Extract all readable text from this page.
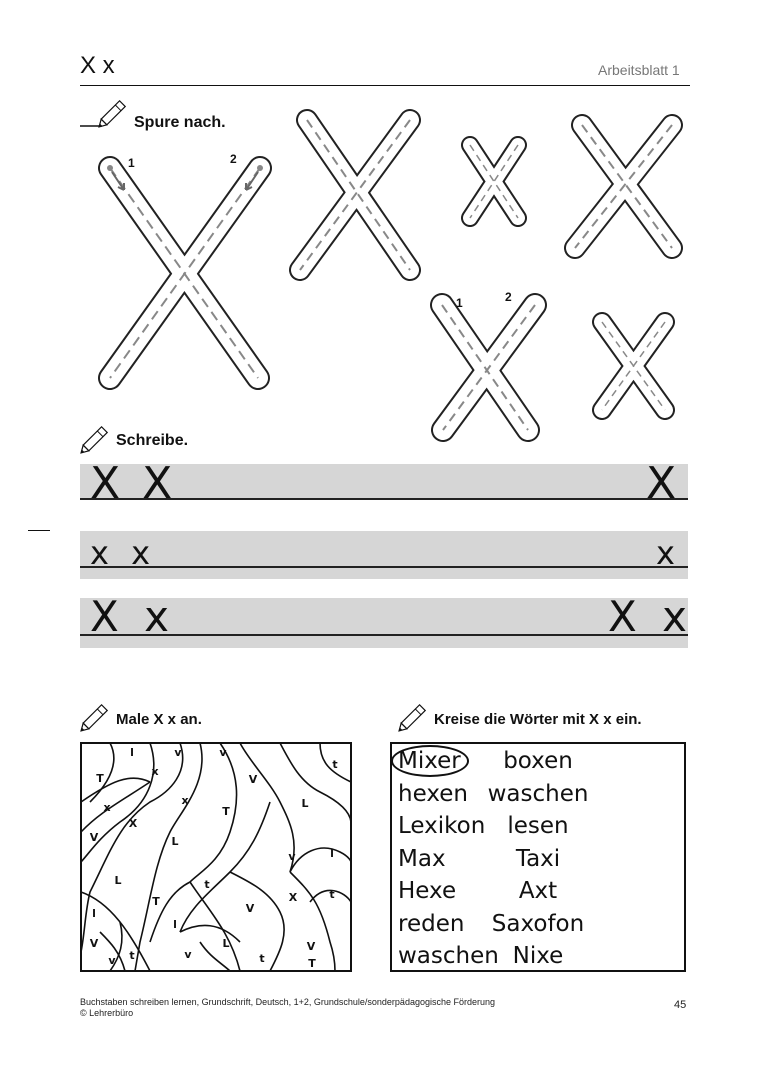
X x	Arbeitsblatt 1
Spure nach.
1	2
1	2
Schreibe.
X X	X
x x	x
X x	X x
Male X x an.
l	v	v
T
x
V
t
x
x
T
L
V
X
L
v	l
L	t
T
V
X	t
l
l
V	L	V
v t	v	t	T
Kreise die Wörter mit X x ein.
Mixer boxen
hexen waschen
Lexikon lesen
Max	Taxi
Hexe	Axt
reden Saxofon
waschen Nixe
Buchstaben schreiben lernen, Grundschrift, Deutsch, 1+2, Grundschule/sonderpädagogische Förderung
© Lehrerbüro
45
